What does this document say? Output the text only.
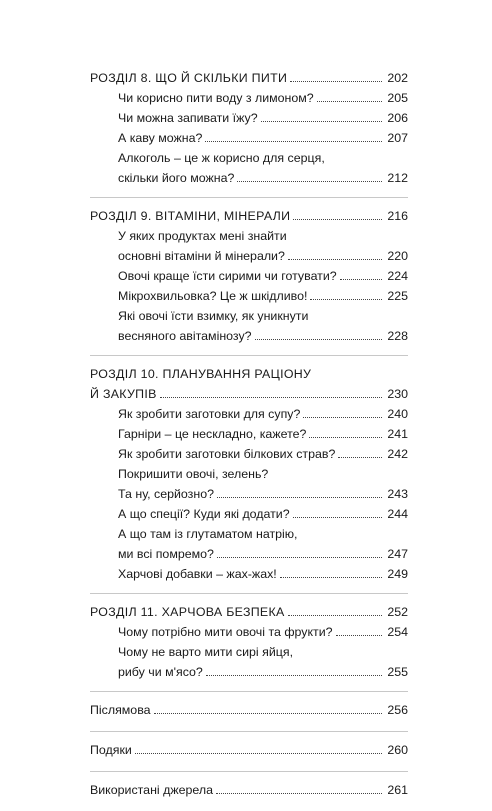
РОЗДІЛ 8. ЩО Й СКІЛЬКИ ПИТИ	202
Чи корисно пити воду з лимоном?	205
Чи можна запивати їжу?	206
А каву можна?	207
Алкоголь – це ж корисно для серця,
скільки його можна?	212
РОЗДІЛ 9. ВІТАМІНИ, МІНЕРАЛИ	216
У яких продуктах мені знайти
основні вітаміни й мінерали?	220
Овочі краще їсти сирими чи готувати?	224
Мікрохвильовка? Це ж шкідливо!	225
Які овочі їсти взимку, як уникнути
весняного авітамінозу?	228
РОЗДІЛ 10. ПЛАНУВАННЯ РАЦІОНУ
Й ЗАКУПІВ	230
Як зробити заготовки для супу?	240
Гарніри – це нескладно, кажете?	241
Як зробити заготовки білкових страв?	242
Покришити овочі, зелень?
Та ну, серйозно?	243
А що спеції? Куди які додати?	244
А що там із глутаматом натрію,
ми всі помремо?	247
Харчові добавки – жах-жах!	249
РОЗДІЛ 11. ХАРЧОВА БЕЗПЕКА	252
Чому потрібно мити овочі та фрукти?	254
Чому не варто мити сирі яйця,
рибу чи м'ясо?	255
Післямова	256
Подяки	260
Використані джерела	261
